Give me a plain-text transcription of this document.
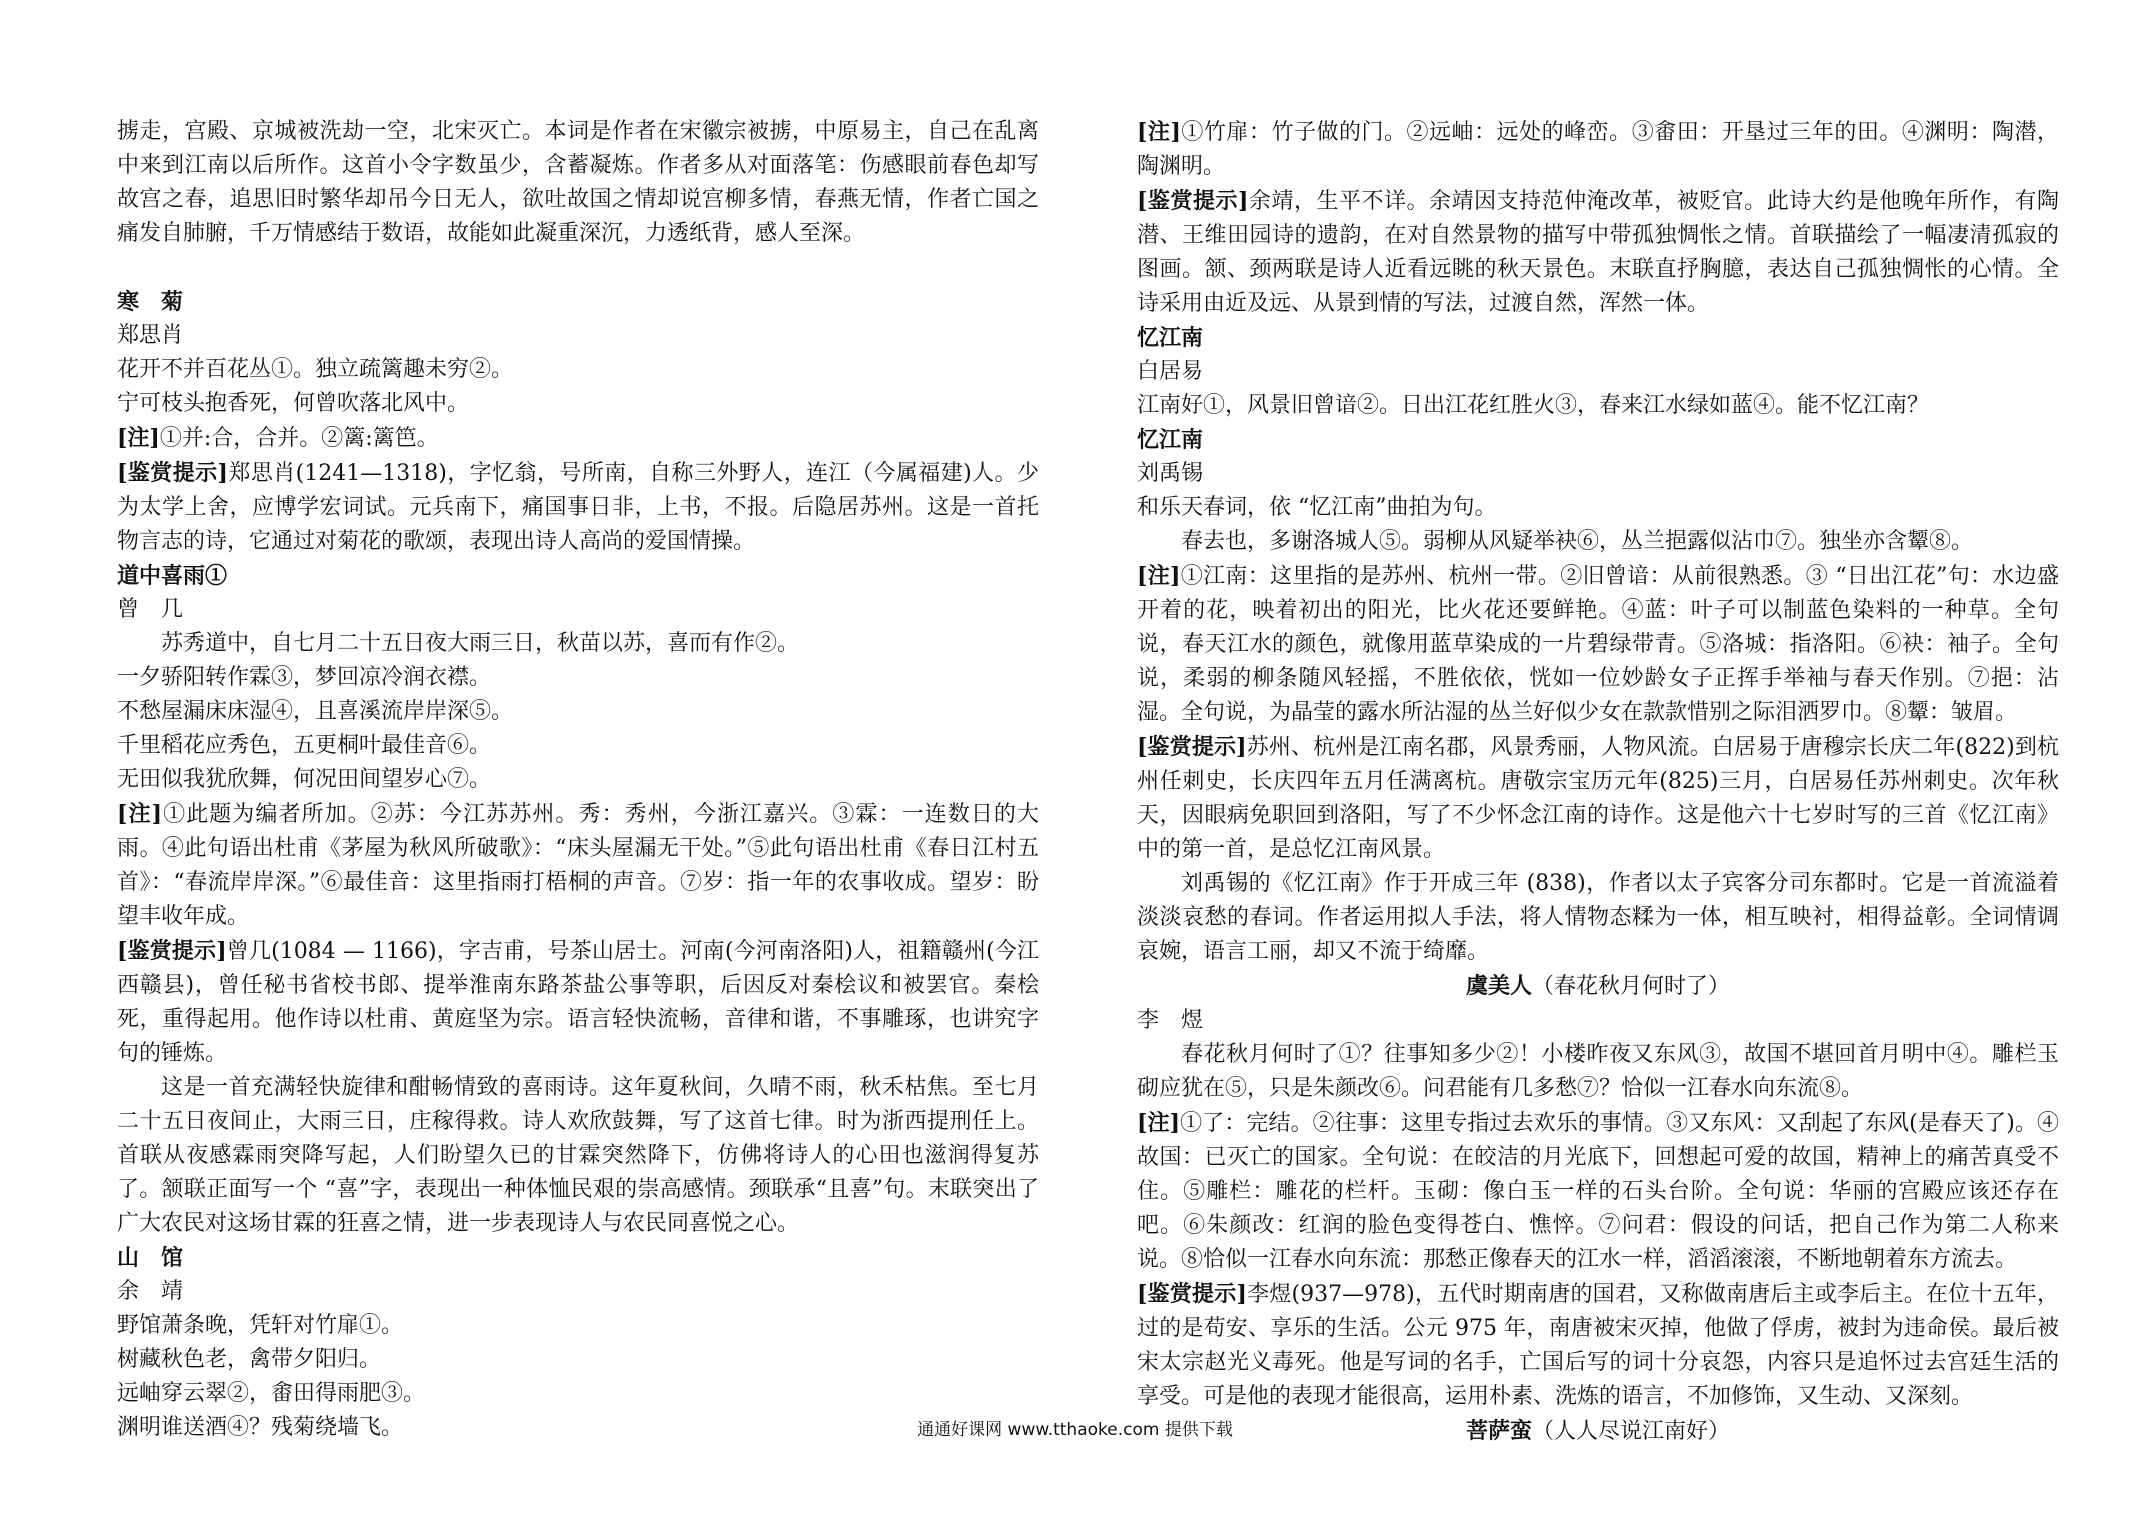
掳走，宫殿、京城被洗劫一空，北宋灭亡。本词是作者在宋徽宗被掳，中原易主，自己在乱离中来到江南以后所作。这首小令字数虽少，含蓄凝炼。作者多从对面落笔：伤感眼前春色却写故宫之春，追思旧时繁华却吊今日无人，欲吐故国之情却说宫柳多情，春燕无情，作者亡国之痛发自肺腑，千万情感结于数语，故能如此凝重深沉，力透纸背，感人至深。

寒　菊

郑思肖

花开不并百花丛①。独立疏篱趣未穷②。

宁可枝头抱香死，何曾吹落北风中。

[注]①并:合，合并。②篱:篱笆。

[鉴赏提示]郑思肖(1241—1318)，字忆翁，号所南，自称三外野人，连江（今属福建)人。少为太学上舍，应博学宏词试。元兵南下，痛国事日非，上书，不报。后隐居苏州。这是一首托物言志的诗，它通过对菊花的歌颂，表现出诗人高尚的爱国情操。

道中喜雨①

曾　几

苏秀道中，自七月二十五日夜大雨三日，秋苗以苏，喜而有作②。

一夕骄阳转作霖③，梦回凉冷润衣襟。

不愁屋漏床床湿④，且喜溪流岸岸深⑤。

千里稻花应秀色，五更桐叶最佳音⑥。

无田似我犹欣舞，何况田间望岁心⑦。

[注]①此题为编者所加。②苏：今江苏苏州。秀：秀州，今浙江嘉兴。③霖：一连数日的大雨。④此句语出杜甫《茅屋为秋风所破歌》：“床头屋漏无干处。”⑤此句语出杜甫《春日江村五首》：“春流岸岸深。”⑥最佳音：这里指雨打梧桐的声音。⑦岁：指一年的农事收成。望岁：盼望丰收年成。

[鉴赏提示]曾几(1084 — 1166)，字吉甫，号茶山居士。河南(今河南洛阳)人，祖籍赣州(今江西赣县)，曾任秘书省校书郎、提举淮南东路茶盐公事等职，后因反对秦桧议和被罢官。秦桧死，重得起用。他作诗以杜甫、黄庭坚为宗。语言轻快流畅，音律和谐，不事雕琢，也讲究字句的锤炼。

这是一首充满轻快旋律和酣畅情致的喜雨诗。这年夏秋间，久晴不雨，秋禾枯焦。至七月二十五日夜间止，大雨三日，庄稼得救。诗人欢欣鼓舞，写了这首七律。时为浙西提刑任上。首联从夜感霖雨突降写起，人们盼望久已的甘霖突然降下，仿佛将诗人的心田也滋润得复苏了。颔联正面写一个 “喜”字，表现出一种体恤民艰的崇高感情。颈联承“且喜”句。末联突出了广大农民对这场甘霖的狂喜之情，进一步表现诗人与农民同喜悦之心。

山　馆

余　靖

野馆萧条晚，凭轩对竹扉①。

树藏秋色老，禽带夕阳归。

远岫穿云翠②，畬田得雨肥③。

渊明谁送酒④？残菊绕墙飞。

[注]①竹扉：竹子做的门。②远岫：远处的峰峦。③畬田：开垦过三年的田。④渊明：陶潜，陶渊明。

[鉴赏提示]余靖，生平不详。余靖因支持范仲淹改革，被贬官。此诗大约是他晚年所作，有陶潜、王维田园诗的遗韵，在对自然景物的描写中带孤独惆怅之情。首联描绘了一幅凄清孤寂的图画。颔、颈两联是诗人近看远眺的秋天景色。末联直抒胸臆，表达自己孤独惆怅的心情。全诗采用由近及远、从景到情的写法，过渡自然，浑然一体。

忆江南

白居易

江南好①，风景旧曾谙②。日出江花红胜火③，春来江水绿如蓝④。能不忆江南？

忆江南

刘禹锡

和乐天春词，依 “忆江南”曲拍为句。

春去也，多谢洛城人⑤。弱柳从风疑举袂⑥，丛兰挹露似沾巾⑦。独坐亦含颦⑧。

[注]①江南：这里指的是苏州、杭州一带。②旧曾谙：从前很熟悉。③ “日出江花”句：水边盛开着的花，映着初出的阳光，比火花还要鲜艳。④蓝：叶子可以制蓝色染料的一种草。全句说，春天江水的颜色，就像用蓝草染成的一片碧绿带青。⑤洛城：指洛阳。⑥袂：袖子。全句说，柔弱的柳条随风轻摇，不胜依依，恍如一位妙龄女子正挥手举袖与春天作别。⑦挹：沾湿。全句说，为晶莹的露水所沾湿的丛兰好似少女在款款惜别之际泪洒罗巾。⑧颦：皱眉。

[鉴赏提示]苏州、杭州是江南名郡，风景秀丽，人物风流。白居易于唐穆宗长庆二年(822)到杭州任刺史，长庆四年五月任满离杭。唐敬宗宝历元年(825)三月，白居易任苏州刺史。次年秋天，因眼病免职回到洛阳，写了不少怀念江南的诗作。这是他六十七岁时写的三首《忆江南》中的第一首，是总忆江南风景。

刘禹锡的《忆江南》作于开成三年 (838)，作者以太子宾客分司东都时。它是一首流溢着淡淡哀愁的春词。作者运用拟人手法，将人情物态糅为一体，相互映衬，相得益彰。全词情调哀婉，语言工丽，却又不流于绮靡。

虞美人（春花秋月何时了）

李　煜

春花秋月何时了①？往事知多少②！小楼昨夜又东风③，故国不堪回首月明中④。雕栏玉砌应犹在⑤，只是朱颜改⑥。问君能有几多愁⑦？恰似一江春水向东流⑧。

[注]①了：完结。②往事：这里专指过去欢乐的事情。③又东风：又刮起了东风(是春天了)。④故国：已灭亡的国家。全句说：在皎洁的月光底下，回想起可爱的故国，精神上的痛苦真受不住。⑤雕栏：雕花的栏杆。玉砌：像白玉一样的石头台阶。全句说：华丽的宫殿应该还存在吧。⑥朱颜改：红润的脸色变得苍白、憔悴。⑦问君：假设的问话，把自己作为第二人称来说。⑧恰似一江春水向东流：那愁正像春天的江水一样，滔滔滚滚，不断地朝着东方流去。

[鉴赏提示]李煜(937—978)，五代时期南唐的国君，又称做南唐后主或李后主。在位十五年，过的是苟安、享乐的生活。公元 975 年，南唐被宋灭掉，他做了俘虏，被封为违命侯。最后被宋太宗赵光义毒死。他是写词的名手，亡国后写的词十分哀怨，内容只是追怀过去宫廷生活的享受。可是他的表现才能很高，运用朴素、洗炼的语言，不加修饰，又生动、又深刻。

菩萨蛮（人人尽说江南好）

通通好课网 www.tthaoke.com 提供下载
